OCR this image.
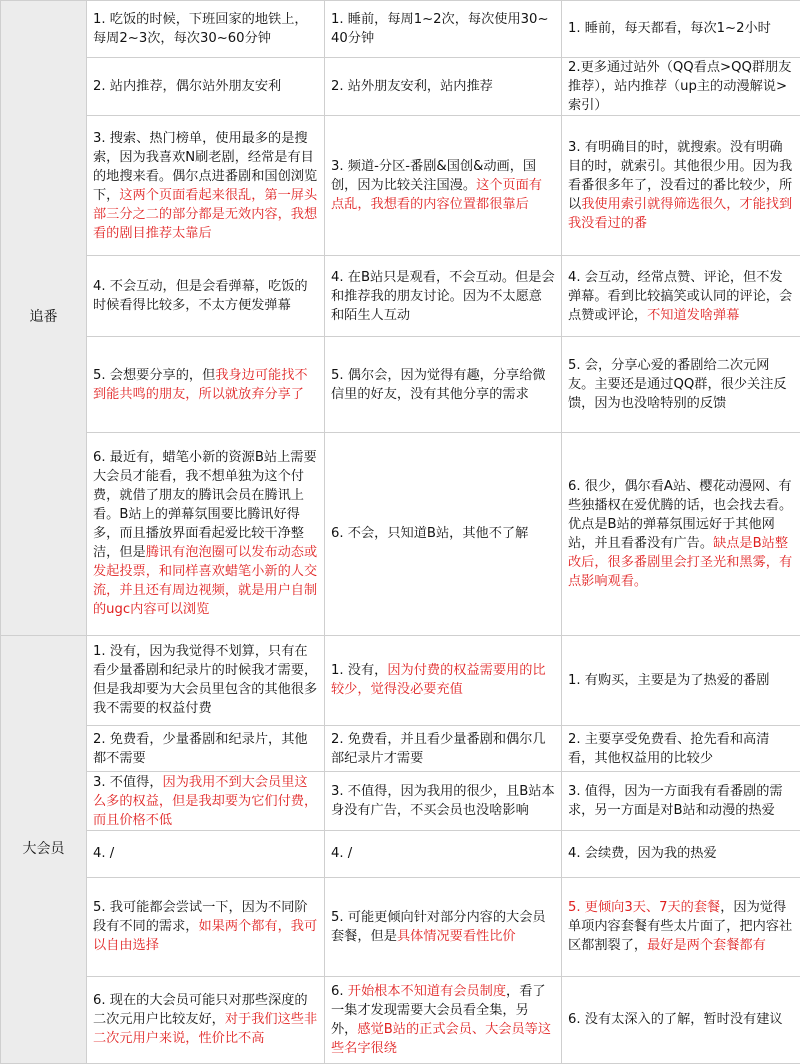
追番	1. 吃饭的时候，下班回家的地铁上，每周2~3次，每次30~60分钟	1. 睡前，每周1~2次，每次使用30~40分钟	1. 睡前，每天都看，每次1~2小时
	2. 站内推荐，偶尔站外朋友安利	2. 站外朋友安利，站内推荐	2.更多通过站外（QQ看点>QQ群朋友推荐），站内推荐（up主的动漫解说>索引）
	3. 搜索、热门榜单，使用最多的是搜索，因为我喜欢N刷老剧，经常是有目的地搜来看。偶尔点进番剧和国创浏览下，这两个页面看起来很乱，第一屏头部三分之二的部分都是无效内容，我想看的剧目推荐太靠后	3. 频道-分区-番剧&国创&动画，国创，因为比较关注国漫。这个页面有点乱，我想看的内容位置都很靠后	3. 有明确目的时，就搜索。没有明确目的时，就索引。其他很少用。因为我看番很多年了，没看过的番比较少，所以我使用索引就得筛选很久，才能找到我没看过的番
	4. 不会互动，但是会看弹幕，吃饭的时候看得比较多，不太方便发弹幕	4. 在B站只是观看，不会互动。但是会和推荐我的朋友讨论。因为不太愿意和陌生人互动	4. 会互动，经常点赞、评论，但不发弹幕。看到比较搞笑或认同的评论，会点赞或评论，不知道发啥弹幕
	5. 会想要分享的，但我身边可能找不到能共鸣的朋友，所以就放弃分享了	5. 偶尔会，因为觉得有趣，分享给微信里的好友，没有其他分享的需求	5. 会，分享心爱的番剧给二次元网友。主要还是通过QQ群，很少关注反馈，因为也没啥特别的反馈
	6. 最近有，蜡笔小新的资源B站上需要大会员才能看，我不想单独为这个付费，就借了朋友的腾讯会员在腾讯上看。B站上的弹幕氛围要比腾讯好得多，而且播放界面看起爱比较干净整洁，但是腾讯有泡泡圈可以发布动态或发起投票，和同样喜欢蜡笔小新的人交流，并且还有周边视频，就是用户自制的ugc内容可以浏览	6. 不会，只知道B站，其他不了解	6. 很少，偶尔看A站、樱花动漫网、有些独播权在爱优腾的话，也会找去看。优点是B站的弹幕氛围远好于其他网站，并且看番没有广告。缺点是B站整改后，很多番剧里会打圣光和黑雾，有点影响观看。
大会员	1. 没有，因为我觉得不划算，只有在看少量番剧和纪录片的时候我才需要，但是我却要为大会员里包含的其他很多我不需要的权益付费	1. 没有，因为付费的权益需要用的比较少，觉得没必要充值	1. 有购买，主要是为了热爱的番剧
	2. 免费看，少量番剧和纪录片，其他都不需要	2. 免费看，并且看少量番剧和偶尔几部纪录片才需要	2. 主要享受免费看、抢先看和高清看，其他权益用的比较少
	3. 不值得，因为我用不到大会员里这么多的权益，但是我却要为它们付费，而且价格不低	3. 不值得，因为我用的很少，且B站本身没有广告，不买会员也没啥影响	3. 值得，因为一方面我有看番剧的需求，另一方面是对B站和动漫的热爱
	4. /	4. /	4. 会续费，因为我的热爱
	5. 我可能都会尝试一下，因为不同阶段有不同的需求，如果两个都有，我可以自由选择	5. 可能更倾向针对部分内容的大会员套餐，但是具体情况要看性比价	5. 更倾向3天、7天的套餐，因为觉得单项内容套餐有些太片面了，把内容社区都割裂了，最好是两个套餐都有
	6. 现在的大会员可能只对那些深度的二次元用户比较友好，对于我们这些非二次元用户来说，性价比不高	6. 开始根本不知道有会员制度，看了一集才发现需要大会员看全集，另外，感觉B站的正式会员、大会员等这些名字很绕	6. 没有太深入的了解，暂时没有建议
